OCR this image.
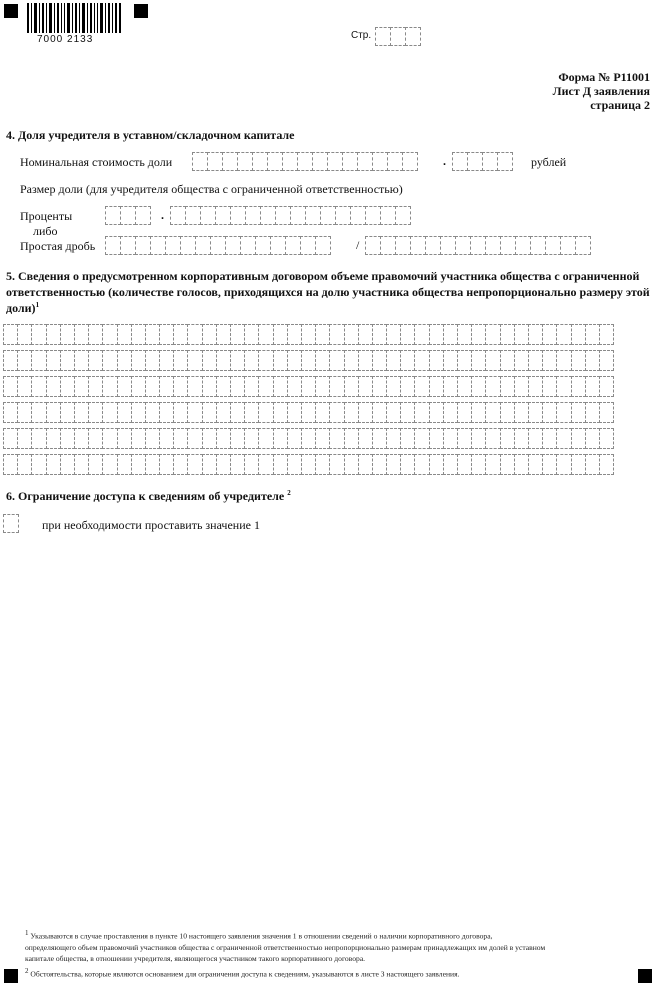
7000 2133	Стр.
Форма № Р11001
Лист Д заявления
страница 2
4. Доля учредителя в уставном/складочном капитале
Номинальная стоимость доли	.	рублей
Размер доли (для учредителя общества с ограниченной ответственностью)
Проценты	.
либо
Простая дробь	/
5. Сведения о предусмотренном корпоративным договором объеме правомочий участника общества с ограниченной
ответственностью (количестве голосов, приходящихся на долю участника общества непропорционально размеру этой
доли)$^1$
6. Ограничение доступа к сведениям об учредителе $^2$
при необходимости проставить значение 1
$^1$ Указываются в случае проставления в пункте 10 настоящего заявления значения 1 в отношении сведений о наличии корпоративного договора,
определяющего объем правомочий участников общества с ограниченной ответственностью непропорционально размерам принадлежащих им долей в уставном
капитале общества, в отношении учредителя, являющегося участником такого корпоративного договора.
$^2$ Обстоятельства, которые являются основанием для ограничения доступа к сведениям, указываются в листе З настоящего заявления.
